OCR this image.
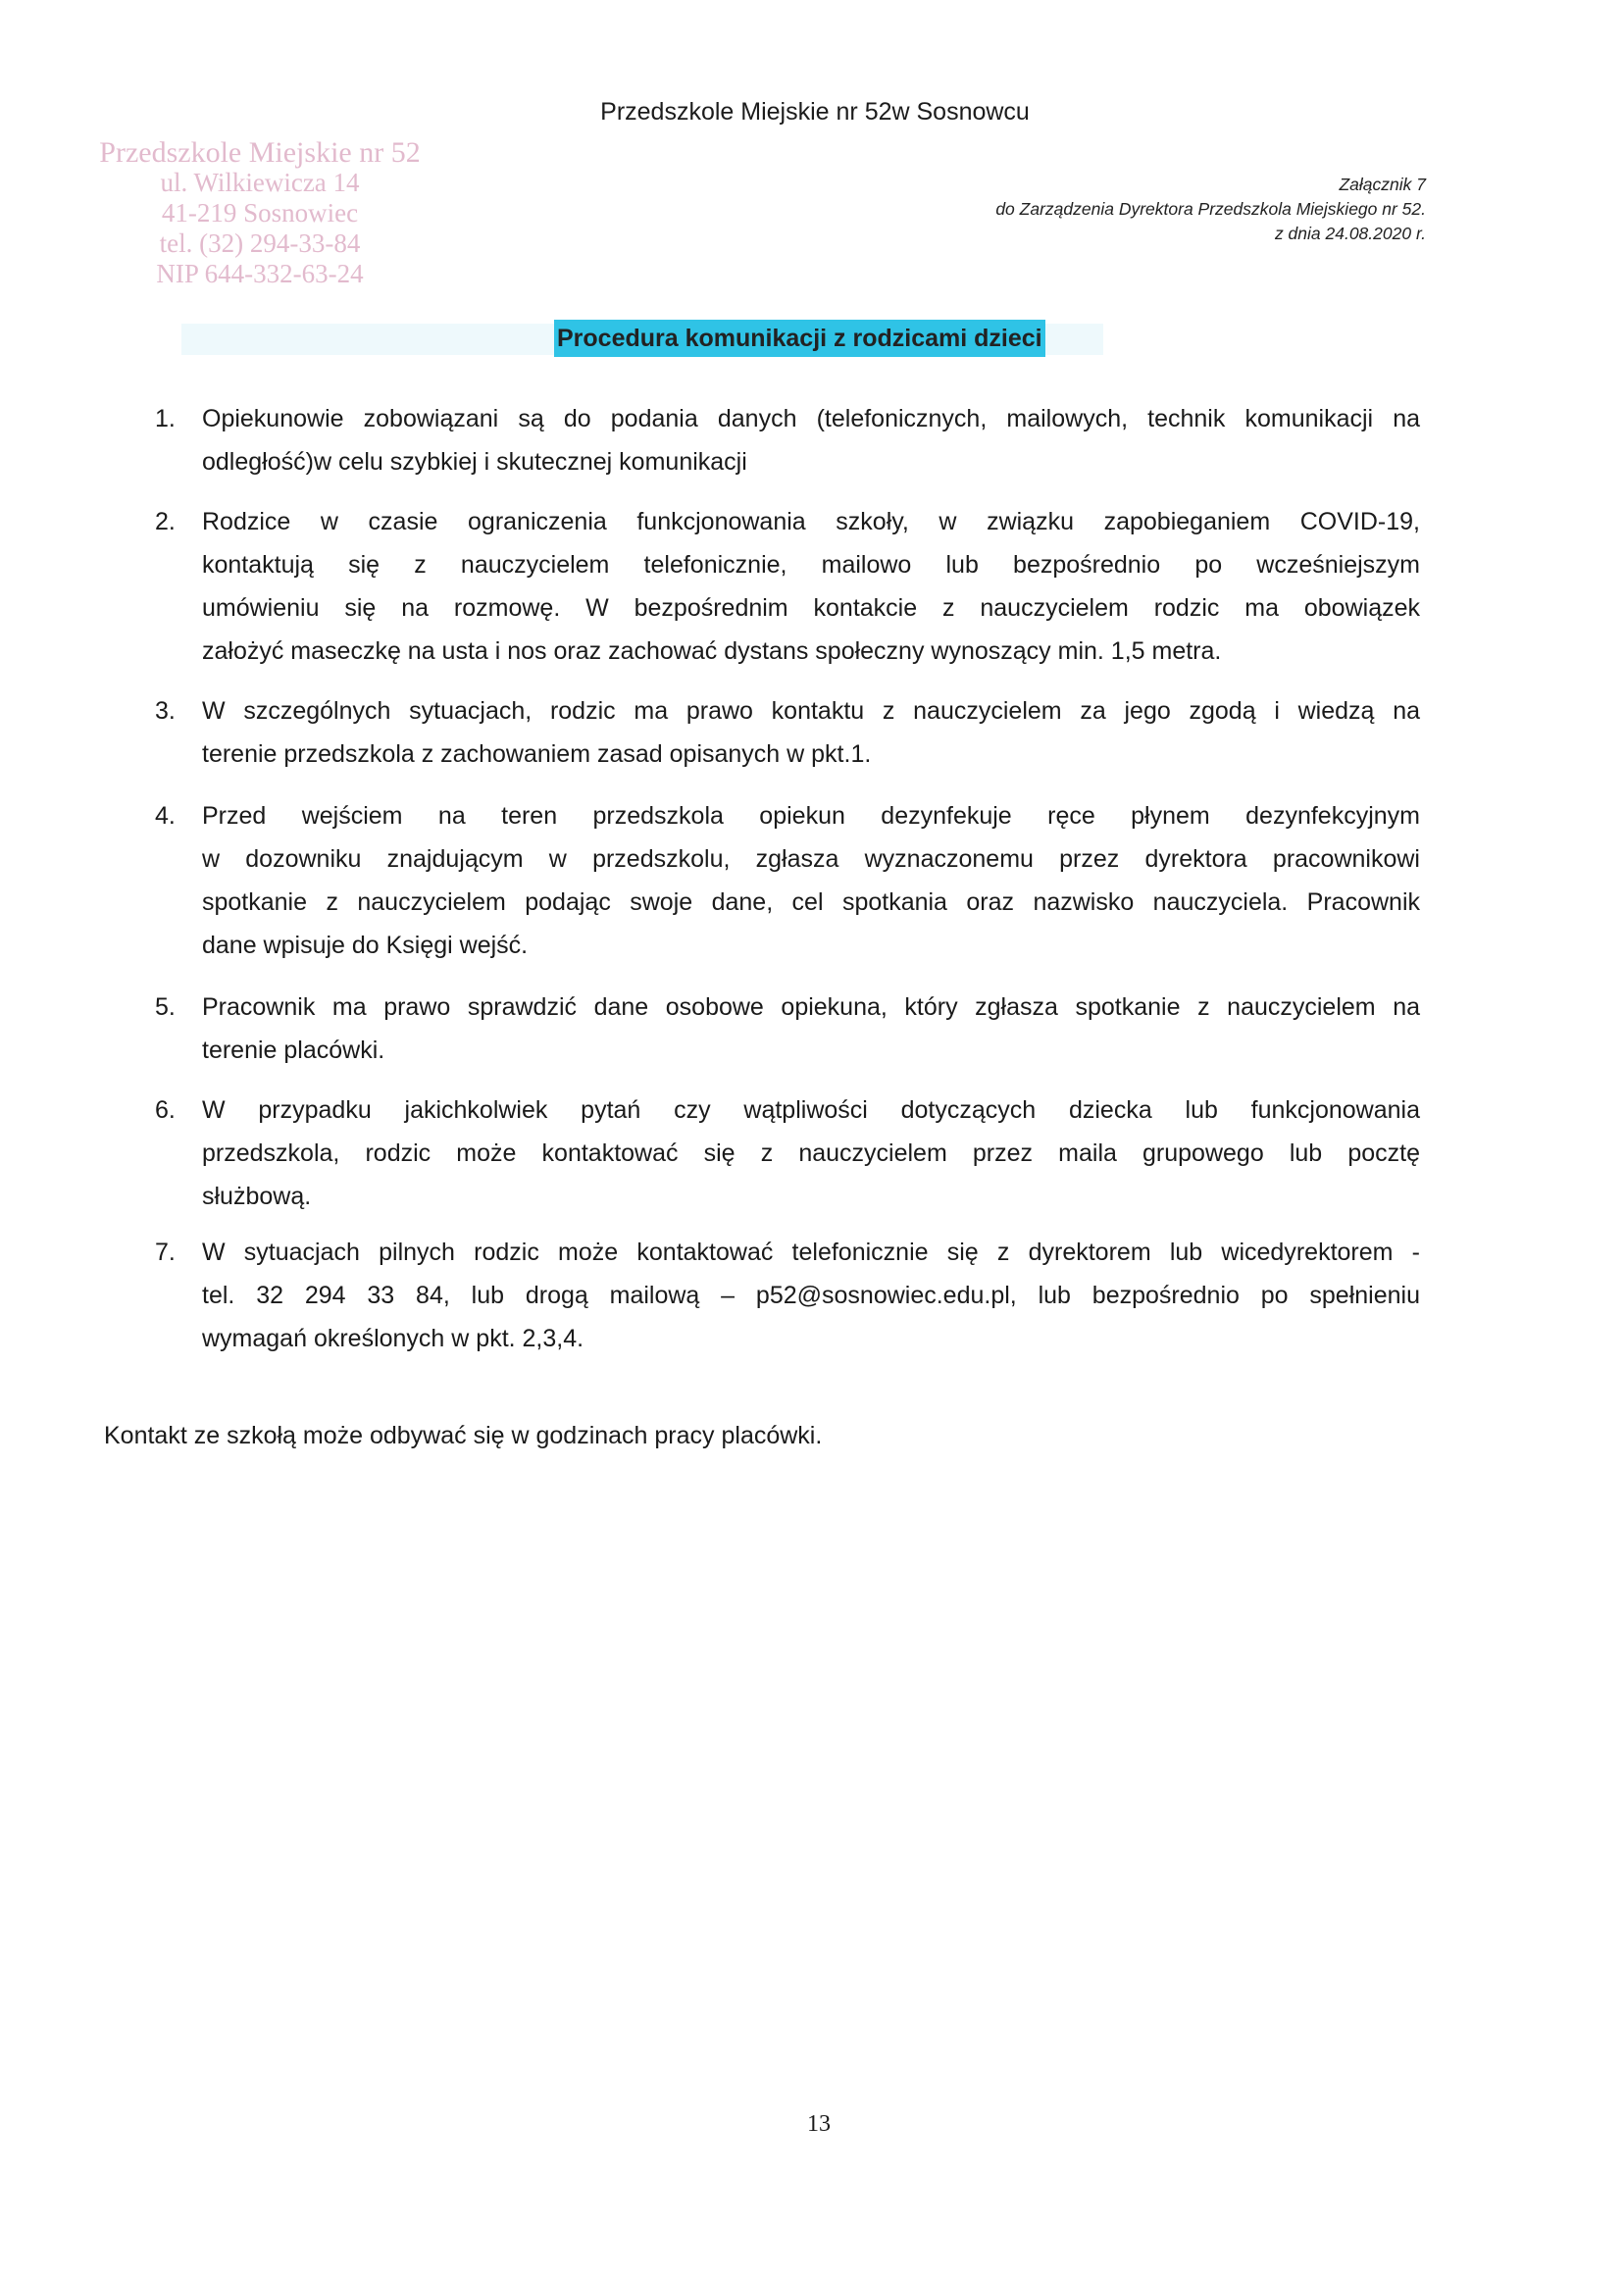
Przedszkole Miejskie nr 52
ul. Wilkiewicza 14
41-219 Sosnowiec
tel. (32) 294-33-84
NIP 644-332-63-24
Przedszkole Miejskie nr 52w Sosnowcu
Załącznik 7
do Zarządzenia Dyrektora Przedszkola Miejskiego nr 52.
z dnia 24.08.2020 r.
Procedura komunikacji z rodzicami dzieci
1. Opiekunowie zobowiązani są do podania danych (telefonicznych, mailowych, technik komunikacji na
odległość)w celu szybkiej i skutecznej komunikacji
2. Rodzice w czasie ograniczenia funkcjonowania szkoły, w związku zapobieganiem COVID-19,
kontaktują się z nauczycielem telefonicznie, mailowo lub bezpośrednio po wcześniejszym
umówieniu się na rozmowę. W bezpośrednim kontakcie z nauczycielem rodzic ma obowiązek
założyć maseczkę na usta i nos oraz zachować dystans społeczny wynoszący min. 1,5 metra.
3. W szczególnych sytuacjach, rodzic ma prawo kontaktu z nauczycielem za jego zgodą i wiedzą na
terenie przedszkola z zachowaniem zasad opisanych w pkt.1.
4. Przed wejściem na teren przedszkola opiekun dezynfekuje ręce płynem dezynfekcyjnym
w dozowniku znajdującym w przedszkolu, zgłasza wyznaczonemu przez dyrektora pracownikowi
spotkanie z nauczycielem podając swoje dane, cel spotkania oraz nazwisko nauczyciela. Pracownik
dane wpisuje do Księgi wejść.
5. Pracownik ma prawo sprawdzić dane osobowe opiekuna, który zgłasza spotkanie z nauczycielem na
terenie placówki.
6. W przypadku jakichkolwiek pytań czy wątpliwości dotyczących dziecka lub funkcjonowania
przedszkola, rodzic może kontaktować się z nauczycielem przez maila grupowego lub pocztę
służbową.
7. W sytuacjach pilnych rodzic może kontaktować telefonicznie się z dyrektorem lub wicedyrektorem -
tel. 32 294 33 84, lub drogą mailową – p52@sosnowiec.edu.pl, lub bezpośrednio po spełnieniu
wymagań określonych w pkt. 2,3,4.
Kontakt ze szkołą może odbywać się w godzinach pracy placówki.
13
